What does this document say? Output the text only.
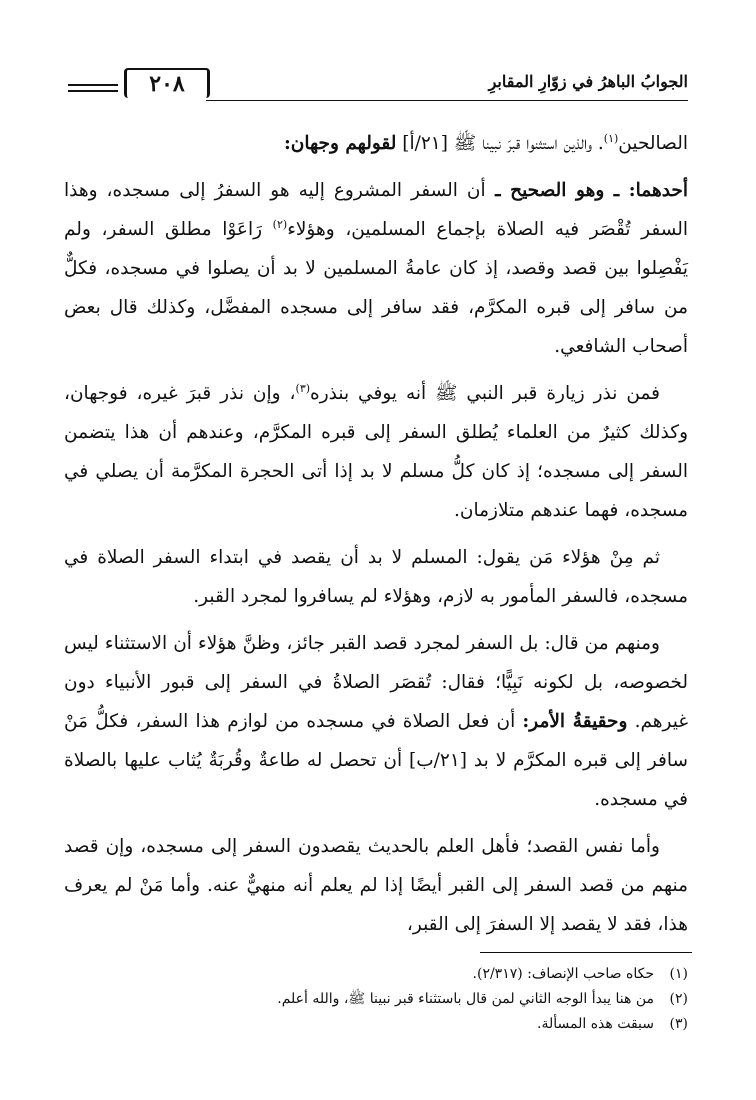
٢٠٨	الجوابُ الباهرُ في زوّارِ المقابرِ

الصالحين$^{(١)}$. والذين استثنوا قبرَ نبينا ﷺ [٢١/أ] لقولهم وجهان:

أحدهما: ـ وهو الصحيح ـ أن السفر المشروع إليه هو السفرُ إلى مسجده، وهذا السفر تُقْصَر فيه الصلاة بإجماع المسلمين، وهؤلاء$^{(٢)}$ رَاعَوْا مطلق السفر، ولم يَفْصِلوا بين قصد وقصد، إذ كان عامةُ المسلمين لا بد أن يصلوا في مسجده، فكلٌّ من سافر إلى قبره المكرَّم، فقد سافر إلى مسجده المفضَّل، وكذلك قال بعض أصحاب الشافعي.

فمن نذر زيارة قبر النبي ﷺ أنه يوفي بنذره$^{(٣)}$، وإن نذر قبرَ غيره، فوجهان، وكذلك كثيرٌ من العلماء يُطلق السفر إلى قبره المكرَّم، وعندهم أن هذا يتضمن السفر إلى مسجده؛ إذ كان كلُّ مسلم لا بد إذا أتى الحجرة المكرَّمة أن يصلي في مسجده، فهما عندهم متلازمان.

ثم مِنْ هؤلاء مَن يقول: المسلم لا بد أن يقصد في ابتداء السفر الصلاة في مسجده، فالسفر المأمور به لازم، وهؤلاء لم يسافروا لمجرد القبر.

ومنهم من قال: بل السفر لمجرد قصد القبر جائز، وظنَّ هؤلاء أن الاستثناء ليس لخصوصه، بل لكونه نَبِيًّا؛ فقال: تُقصَر الصلاةُ في السفر إلى قبور الأنبياء دون غيرهم. وحقيقةُ الأمر: أن فعل الصلاة في مسجده من لوازم هذا السفر، فكلُّ مَنْ سافر إلى قبره المكرَّم لا بد [٢١/ب] أن تحصل له طاعةٌ وقُربَةٌ يُثاب عليها بالصلاة في مسجده.

وأما نفس القصد؛ فأهل العلم بالحديث يقصدون السفر إلى مسجده، وإن قصد منهم من قصد السفر إلى القبر أيضًا إذا لم يعلم أنه منهيٌّ عنه. وأما مَنْ لم يعرف هذا، فقد لا يقصد إلا السفرَ إلى القبر،

(١)حكاه صاحب الإنصاف: (٢/٣١٧).
(٢)من هنا يبدأ الوجه الثاني لمن قال باستثناء قبر نبينا ﷺ، والله أعلم.
(٣)سبقت هذه المسألة.
